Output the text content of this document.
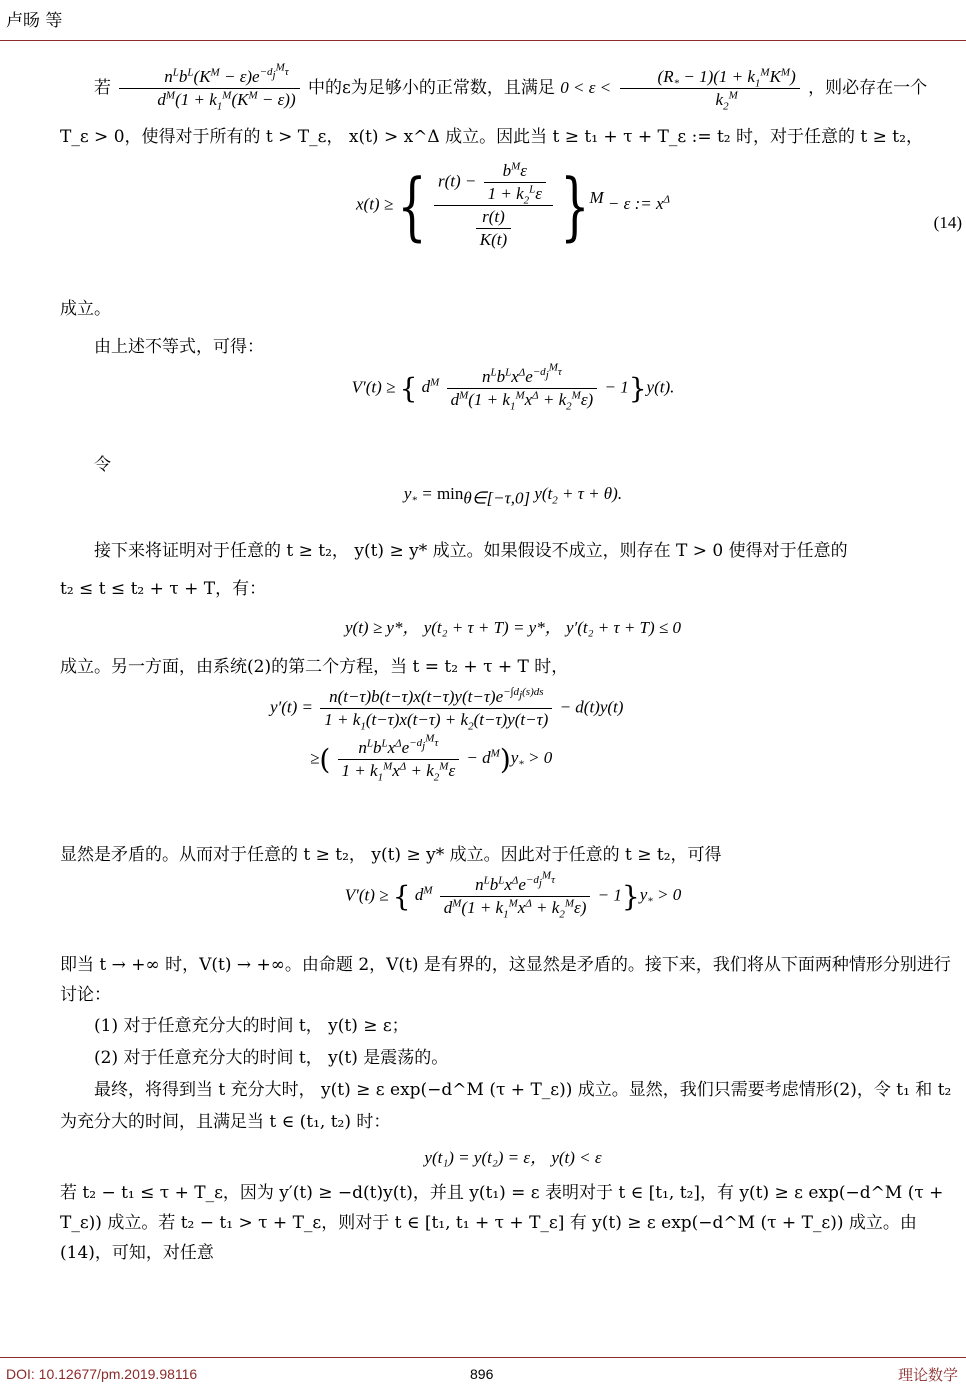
卢旸 等

若 $\frac{n^Lb^L(K^M - \varepsilon)e^{-d_j^M\tau}}{d^M(1 + k_1^M(K^M - \varepsilon))}$ 中的ε为足够小的正常数，且满足 $0 < \varepsilon < \frac{(R_* - 1)(1 + k_1^MK^M)}{k_2^M}$ ，则必存在一个

T_ε > 0，使得对于所有的 t > T_ε， x(t) > x^Δ 成立。因此当 t ≥ t₁ + τ + T_ε := t₂ 时，对于任意的 t ≥ t₂，

x(t) ≥ { $\frac{r(t) - \frac{b^M\varepsilon}{1 + k_2^L\varepsilon}}{\frac{r(t)}{K(t)}} \}^M - \varepsilon$ := $x^\Delta$
(14)

成立。

由上述不等式，可得：

V′(t) ≥ { $d^M \frac{n^Lb^Lx^\Delta e^{-d_j^M\tau}}{d^M(1 + k_1^Mx^\Delta + k_2^M\varepsilon)} - 1\}y(t)$.

令

$y_* = \min_{\theta\in[-\tau,0]} y(t_2 + \tau + \theta)$.

接下来将证明对于任意的 t ≥ t₂， y(t) ≥ y* 成立。如果假设不成立，则存在 T > 0 使得对于任意的

t₂ ≤ t ≤ t₂ + τ + T，有：

y(t) ≥ y*， y(t₂ + τ + T) = y*， y′(t₂ + τ + T) ≤ 0

成立。另一方面，由系统(2)的第二个方程，当 t = t₂ + τ + T 时，

$y'(t) = \frac{n(t-\tau)b(t-\tau)x(t-\tau)y(t-\tau)e^{-\int d_j(s)ds}}{1 + k_1(t-\tau)x(t-\tau) + k_2(t-\tau)y(t-\tau)} - d(t)y(t)$
≥( $\frac{n^Lb^Lx^\Delta e^{-d_j^M\tau}}{1 + k_1^Mx^\Delta + k_2^M\varepsilon} - d^M)y_* > 0$

显然是矛盾的。从而对于任意的 t ≥ t₂， y(t) ≥ y* 成立。因此对于任意的 t ≥ t₂，可得

V′(t) ≥ { $d^M \frac{n^Lb^Lx^\Delta e^{-d_j^M\tau}}{d^M(1 + k_1^Mx^\Delta + k_2^M\varepsilon)} - 1\}y_* > 0$

即当 t → +∞ 时，V(t) → +∞。由命题 2，V(t) 是有界的，这显然是矛盾的。接下来，我们将从下面两种情形分别进行讨论：

(1) 对于任意充分大的时间 t， y(t) ≥ ε；

(2) 对于任意充分大的时间 t， y(t) 是震荡的。

最终，将得到当 t 充分大时， y(t) ≥ ε exp(−d^M (τ + T_ε)) 成立。显然，我们只需要考虑情形(2)，令 t₁ 和 t₂ 为充分大的时间，且满足当 t ∈ (t₁, t₂) 时：

y(t₁) = y(t₂) = ε， y(t) < ε

若 t₂ − t₁ ≤ τ + T_ε，因为 y′(t) ≥ −d(t)y(t)，并且 y(t₁) = ε 表明对于 t ∈ [t₁, t₂]，有 y(t) ≥ ε exp(−d^M (τ + T_ε)) 成立。若 t₂ − t₁ > τ + T_ε，则对于 t ∈ [t₁, t₁ + τ + T_ε] 有 y(t) ≥ ε exp(−d^M (τ + T_ε)) 成立。由(14)，可知，对任意

DOI: 10.12677/pm.2019.98116	896	理论数学
